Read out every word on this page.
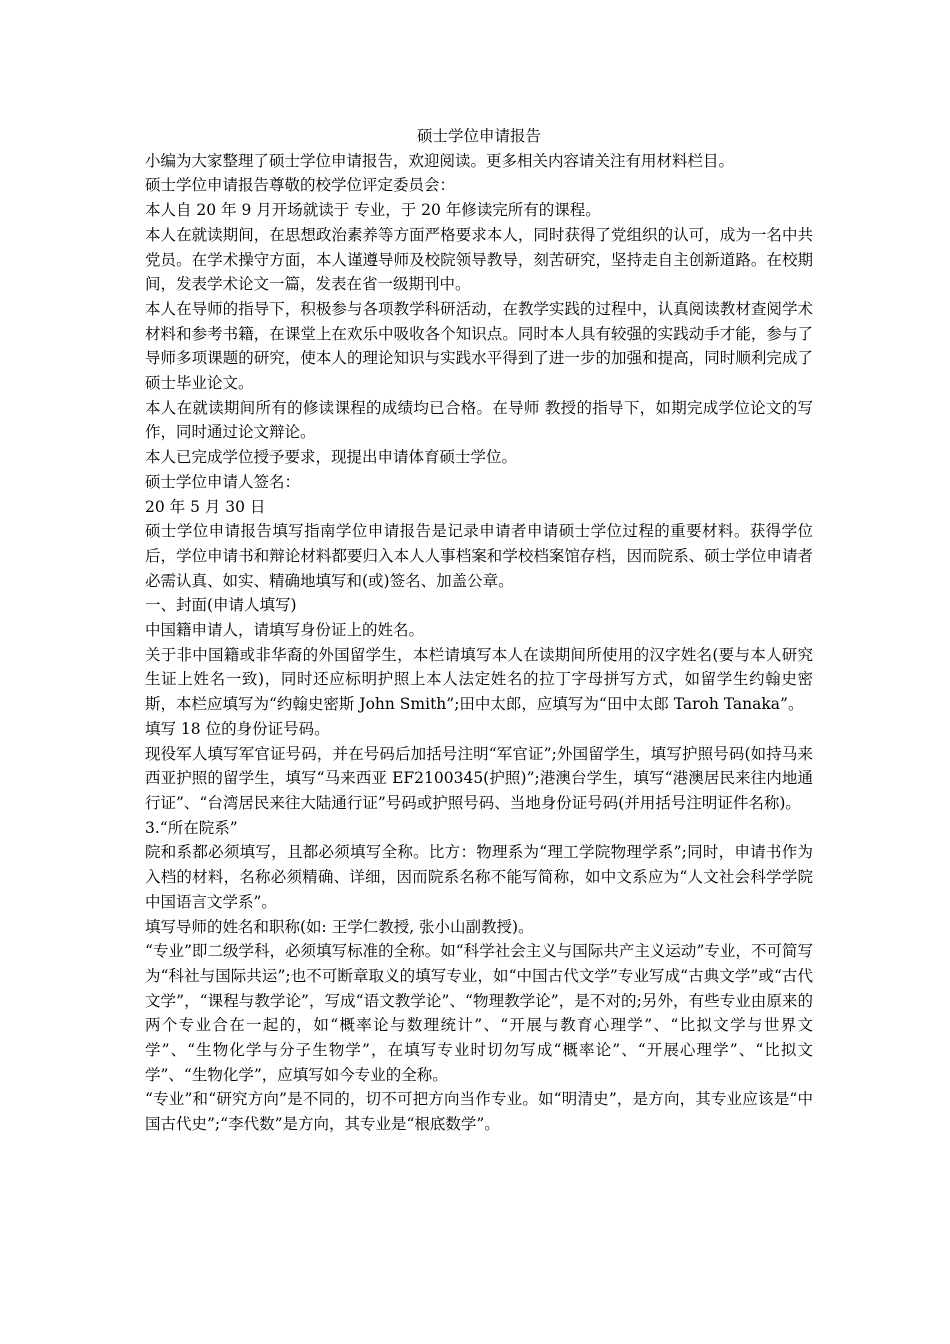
硕士学位申请报告

小编为大家整理了硕士学位申请报告，欢迎阅读。更多相关内容请关注有用材料栏目。

硕士学位申请报告尊敬的校学位评定委员会：

本人自 20 年 9 月开场就读于 专业，于 20 年修读完所有的课程。

本人在就读期间，在思想政治素养等方面严格要求本人，同时获得了党组织的认可，成为一名中共党员。在学术操守方面，本人谨遵导师及校院领导教导，刻苦研究，坚持走自主创新道路。在校期间，发表学术论文一篇，发表在省一级期刊中。

本人在导师的指导下，积极参与各项教学科研活动，在教学实践的过程中，认真阅读教材查阅学术材料和参考书籍，在课堂上在欢乐中吸收各个知识点。同时本人具有较强的实践动手才能，参与了导师多项课题的研究，使本人的理论知识与实践水平得到了进一步的加强和提高，同时顺利完成了硕士毕业论文。

本人在就读期间所有的修读课程的成绩均已合格。在导师 教授的指导下，如期完成学位论文的写作，同时通过论文辩论。

本人已完成学位授予要求，现提出申请体育硕士学位。

硕士学位申请人签名：

20 年 5 月 30 日

硕士学位申请报告填写指南学位申请报告是记录申请者申请硕士学位过程的重要材料。获得学位后，学位申请书和辩论材料都要归入本人人事档案和学校档案馆存档，因而院系、硕士学位申请者必需认真、如实、精确地填写和(或)签名、加盖公章。

一、封面(申请人填写)

中国籍申请人，请填写身份证上的姓名。

关于非中国籍或非华裔的外国留学生，本栏请填写本人在读期间所使用的汉字姓名(要与本人研究生证上姓名一致)，同时还应标明护照上本人法定姓名的拉丁字母拼写方式，如留学生约翰史密斯，本栏应填写为“约翰史密斯 John Smith”;田中太郎，应填写为“田中太郎 Taroh Tanaka”。

填写 18 位的身份证号码。

现役军人填写军官证号码，并在号码后加括号注明“军官证”;外国留学生，填写护照号码(如持马来西亚护照的留学生，填写“马来西亚 EF2100345(护照)”;港澳台学生，填写“港澳居民来往内地通行证”、“台湾居民来往大陆通行证”号码或护照号码、当地身份证号码(并用括号注明证件名称)。

3.“所在院系”

院和系都必须填写，且都必须填写全称。比方：物理系为“理工学院物理学系”;同时，申请书作为入档的材料，名称必须精确、详细，因而院系名称不能写简称，如中文系应为“人文社会科学学院中国语言文学系”。

填写导师的姓名和职称(如: 王学仁教授, 张小山副教授)。

“专业”即二级学科，必须填写标准的全称。如“科学社会主义与国际共产主义运动”专业，不可简写为“科社与国际共运”;也不可断章取义的填写专业，如“中国古代文学”专业写成“古典文学”或“古代文学”，“课程与教学论”，写成“语文教学论”、“物理教学论”，是不对的;另外，有些专业由原来的两个专业合在一起的，如“概率论与数理统计”、“开展与教育心理学”、“比拟文学与世界文学”、“生物化学与分子生物学”，在填写专业时切勿写成“概率论”、“开展心理学”、“比拟文学”、“生物化学”，应填写如今专业的全称。

“专业”和“研究方向”是不同的，切不可把方向当作专业。如“明清史”，是方向，其专业应该是“中国古代史”;“李代数”是方向，其专业是“根底数学”。
